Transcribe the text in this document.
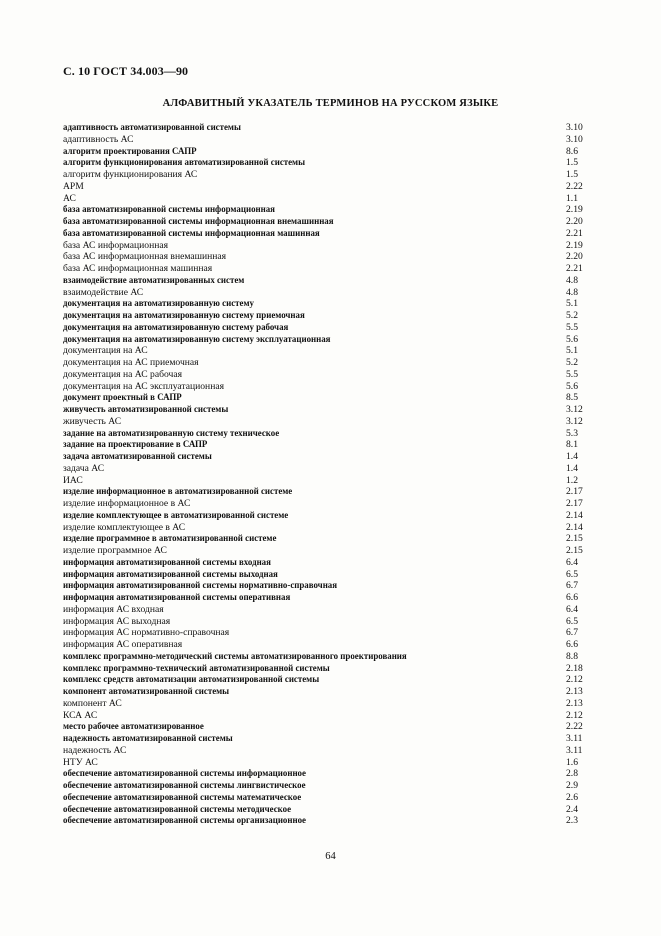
С. 10 ГОСТ 34.003—90
АЛФАВИТНЫЙ УКАЗАТЕЛЬ ТЕРМИНОВ НА РУССКОМ ЯЗЫКЕ
адаптивность автоматизированной системы	3.10
адаптивность АС	3.10
алгоритм проектирования САПР	8.6
алгоритм функционирования автоматизированной системы	1.5
алгоритм функционирования АС	1.5
АРМ	2.22
АС	1.1
база автоматизированной системы информационная	2.19
база автоматизированной системы информационная внемашинная	2.20
база автоматизированной системы информационная машинная	2.21
база АС информационная	2.19
база АС информационная внемашинная	2.20
база АС информационная машинная	2.21
взаимодействие автоматизированных систем	4.8
взаимодействие АС	4.8
документация на автоматизированную систему	5.1
документация на автоматизированную систему приемочная	5.2
документация на автоматизированную систему рабочая	5.5
документация на автоматизированную систему эксплуатационная	5.6
документация на АС	5.1
документация на АС приемочная	5.2
документация на АС рабочая	5.5
документация на АС эксплуатационная	5.6
документ проектный в САПР	8.5
живучесть автоматизированной системы	3.12
живучесть АС	3.12
задание на автоматизированную систему техническое	5.3
задание на проектирование в САПР	8.1
задача автоматизированной системы	1.4
задача АС	1.4
ИАС	1.2
изделие информационное в автоматизированной системе	2.17
изделие информационное в АС	2.17
изделие комплектующее в автоматизированной системе	2.14
изделие комплектующее в АС	2.14
изделие программное в автоматизированной системе	2.15
изделие программное АС	2.15
информация автоматизированной системы входная	6.4
информация автоматизированной системы выходная	6.5
информация автоматизированной системы нормативно-справочная	6.7
информация автоматизированной системы оперативная	6.6
информация АС входная	6.4
информация АС выходная	6.5
информация АС нормативно-справочная	6.7
информация АС оперативная	6.6
комплекс программно-методический системы автоматизированного проектирования	8.8
комплекс программно-технический автоматизированной системы	2.18
комплекс средств автоматизации автоматизированной системы	2.12
компонент автоматизированной системы	2.13
компонент АС	2.13
КСА АС	2.12
место рабочее автоматизированное	2.22
надежность автоматизированной системы	3.11
надежность АС	3.11
НТУ АС	1.6
обеспечение автоматизированной системы информационное	2.8
обеспечение автоматизированной системы лингвистическое	2.9
обеспечение автоматизированной системы математическое	2.6
обеспечение автоматизированной системы методическое	2.4
обеспечение автоматизированной системы организационное	2.3
64
